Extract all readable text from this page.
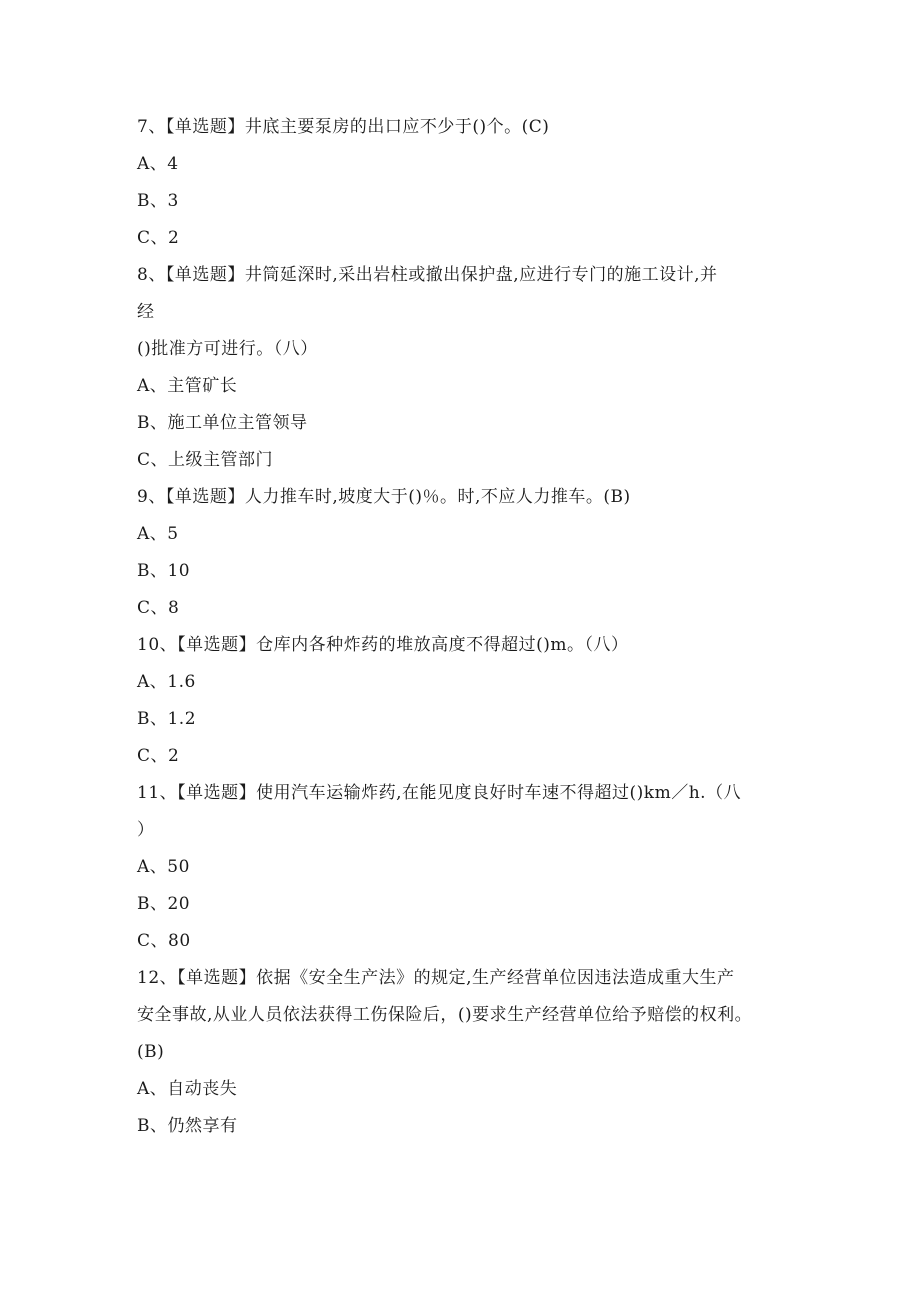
7、【单选题】井底主要泵房的出口应不少于()个。(C)
A、4
B、3
C、2
8、【单选题】井筒延深时,采出岩柱或撤出保护盘,应进行专门的施工设计,并
经
()批准方可进行。（八）
A、主管矿长
B、施工单位主管领导
C、上级主管部门
9、【单选题】人力推车时,坡度大于()％。时,不应人力推车。(B)
A、5
B、10
C、8
10、【单选题】仓库内各种炸药的堆放高度不得超过()m。（八）
A、1.6
B、1.2
C、2
11、【单选题】使用汽车运输炸药,在能见度良好时车速不得超过()km／h.（八
）
A、50
B、20
C、80
12、【单选题】依据《安全生产法》的规定,生产经营单位因违法造成重大生产
安全事故,从业人员依法获得工伤保险后，()要求生产经营单位给予赔偿的权利。
(B)
A、自动丧失
B、仍然享有
